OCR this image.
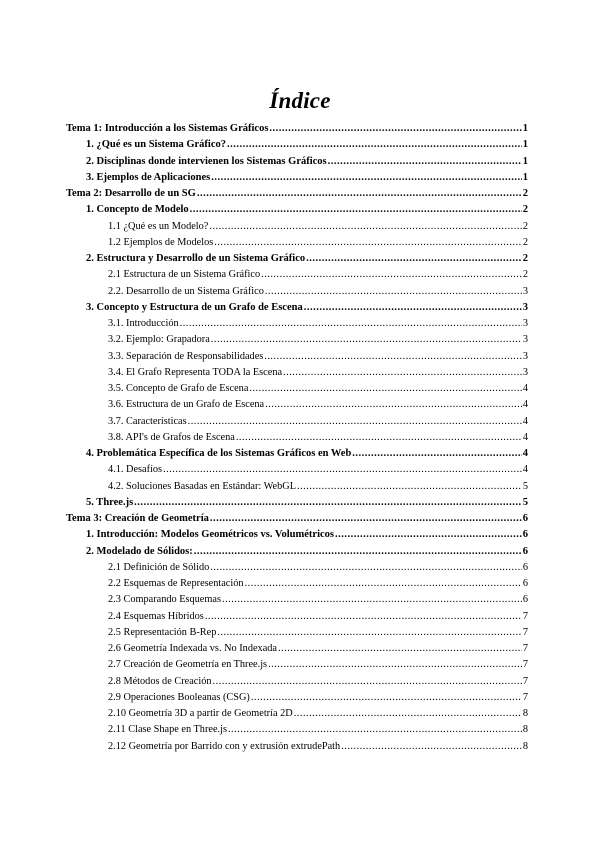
Índice
Tema 1: Introducción a los Sistemas Gráficos .....	1
1. ¿Qué es un Sistema Gráfico? .....	1
2. Disciplinas donde intervienen los Sistemas Gráficos .....	1
3. Ejemplos de Aplicaciones .....	1
Tema 2: Desarrollo de un SG .....	2
1. Concepto de Modelo .....	2
1.1 ¿Qué es un Modelo? .....	2
1.2 Ejemplos de Modelos .....	2
2. Estructura y Desarrollo de un Sistema Gráfico .....	2
2.1 Estructura de un Sistema Gráfico .....	2
2.2. Desarrollo de un Sistema Gráfico .....	3
3. Concepto y Estructura de un Grafo de Escena .....	3
3.1. Introducción .....	3
3.2. Ejemplo: Grapadora .....	3
3.3. Separación de Responsabilidades .....	3
3.4. El Grafo Representa TODA la Escena .....	3
3.5. Concepto de Grafo de Escena .....	4
3.6. Estructura de un Grafo de Escena .....	4
3.7. Características .....	4
3.8. API's de Grafos de Escena .....	4
4. Problemática Específica de los Sistemas Gráficos en Web .....	4
4.1. Desafíos .....	4
4.2. Soluciones Basadas en Estándar: WebGL .....	5
5. Three.js .....	5
Tema 3: Creación de Geometría .....	6
1. Introducción: Modelos Geométricos vs. Volumétricos .....	6
2. Modelado de Sólidos: .....	6
2.1 Definición de Sólido .....	6
2.2 Esquemas de Representación .....	6
2.3 Comparando Esquemas .....	6
2.4 Esquemas Híbridos .....	7
2.5 Representación B-Rep .....	7
2.6 Geometría Indexada vs. No Indexada .....	7
2.7 Creación de Geometría en Three.js .....	7
2.8 Métodos de Creación .....	7
2.9 Operaciones Booleanas (CSG) .....	7
2.10 Geometría 3D a partir de Geometría 2D .....	8
2.11 Clase Shape en Three.js .....	8
2.12 Geometría por Barrido con y extrusión extrudePath .....	8
